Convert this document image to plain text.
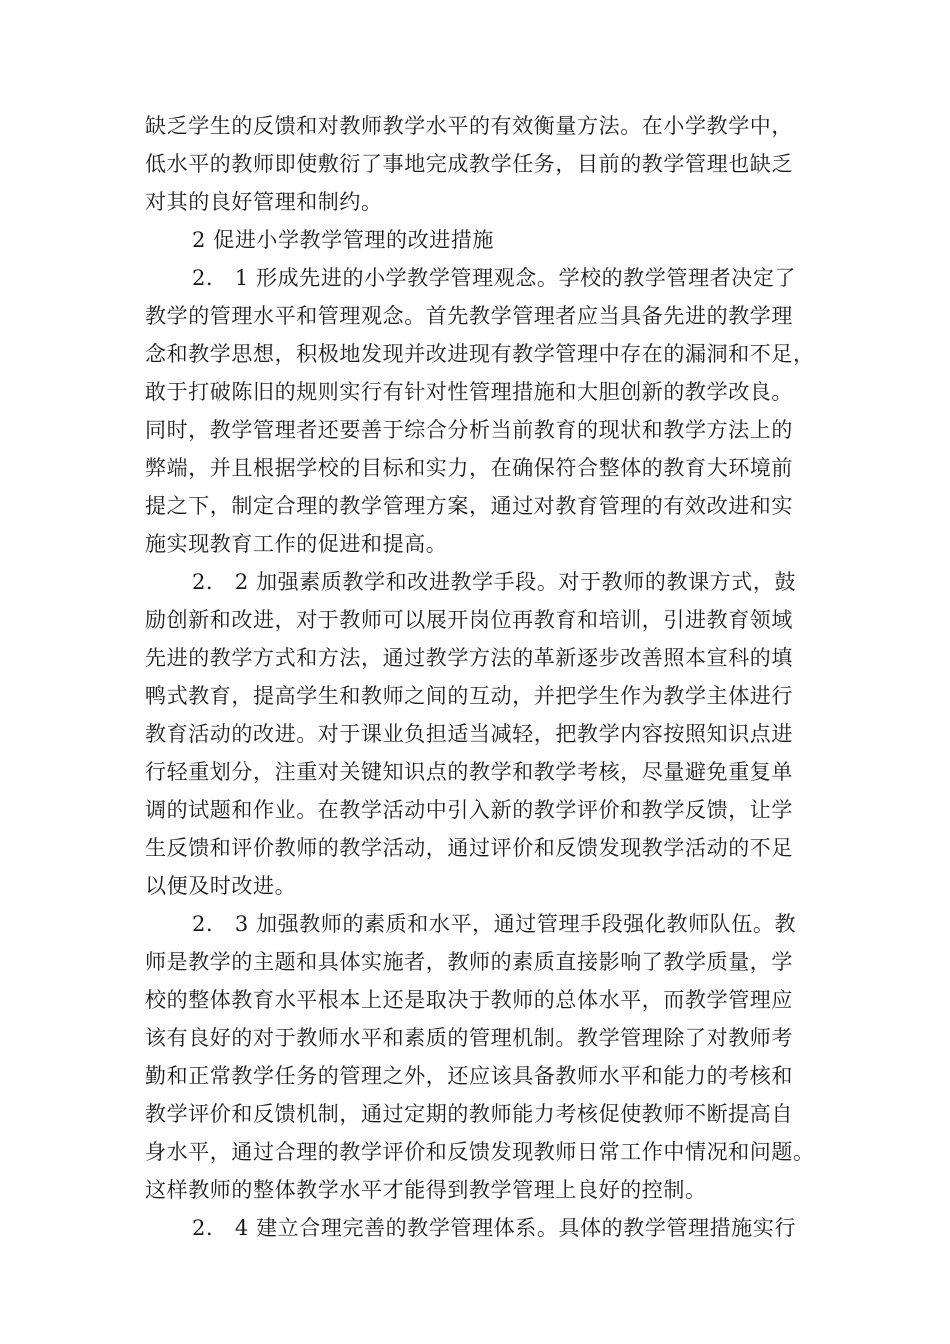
缺乏学生的反馈和对教师教学水平的有效衡量方法。在小学教学中，
低水平的教师即使敷衍了事地完成教学任务，目前的教学管理也缺乏
对其的良好管理和制约。
2 促进小学教学管理的改进措施
2． 1 形成先进的小学教学管理观念。学校的教学管理者决定了
教学的管理水平和管理观念。首先教学管理者应当具备先进的教学理
念和教学思想，积极地发现并改进现有教学管理中存在的漏洞和不足，
敢于打破陈旧的规则实行有针对性管理措施和大胆创新的教学改良。
同时，教学管理者还要善于综合分析当前教育的现状和教学方法上的
弊端，并且根据学校的目标和实力，在确保符合整体的教育大环境前
提之下，制定合理的教学管理方案，通过对教育管理的有效改进和实
施实现教育工作的促进和提高。
2． 2 加强素质教学和改进教学手段。对于教师的教课方式，鼓
励创新和改进，对于教师可以展开岗位再教育和培训，引进教育领域
先进的教学方式和方法，通过教学方法的革新逐步改善照本宣科的填
鸭式教育，提高学生和教师之间的互动，并把学生作为教学主体进行
教育活动的改进。对于课业负担适当减轻，把教学内容按照知识点进
行轻重划分，注重对关键知识点的教学和教学考核，尽量避免重复单
调的试题和作业。在教学活动中引入新的教学评价和教学反馈，让学
生反馈和评价教师的教学活动，通过评价和反馈发现教学活动的不足
以便及时改进。
2． 3 加强教师的素质和水平，通过管理手段强化教师队伍。教
师是教学的主题和具体实施者，教师的素质直接影响了教学质量，学
校的整体教育水平根本上还是取决于教师的总体水平，而教学管理应
该有良好的对于教师水平和素质的管理机制。教学管理除了对教师考
勤和正常教学任务的管理之外，还应该具备教师水平和能力的考核和
教学评价和反馈机制，通过定期的教师能力考核促使教师不断提高自
身水平，通过合理的教学评价和反馈发现教师日常工作中情况和问题。
这样教师的整体教学水平才能得到教学管理上良好的控制。
2． 4 建立合理完善的教学管理体系。具体的教学管理措施实行
